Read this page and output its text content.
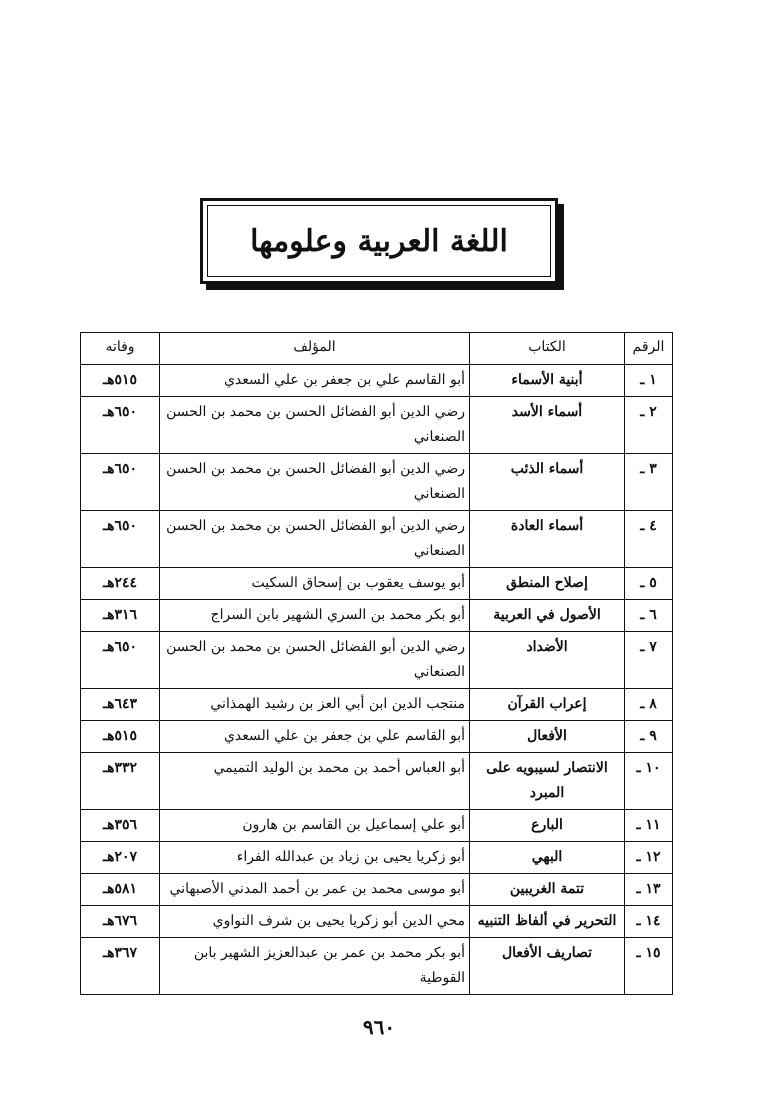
اللغة العربية وعلومها
الرقم	الكتاب	المؤلف	وفاته
١ ـ	أبنية الأسماء	أبو القاسم علي بن جعفر بن علي السعدي	٥١٥هـ
٢ ـ	أسماء الأسد	رضي الدين أبو الفضائل الحسن بن محمد بن الحسن الصنعاني	٦٥٠هـ
٣ ـ	أسماء الذئب	رضي الدين أبو الفضائل الحسن بن محمد بن الحسن الصنعاني	٦٥٠هـ
٤ ـ	أسماء العادة	رضي الدين أبو الفضائل الحسن بن محمد بن الحسن الصنعاني	٦٥٠هـ
٥ ـ	إصلاح المنطق	أبو يوسف يعقوب بن إسحاق السكيت	٢٤٤هـ
٦ ـ	الأصول في العربية	أبو بكر محمد بن السري الشهير بابن السراج	٣١٦هـ
٧ ـ	الأضداد	رضي الدين أبو الفضائل الحسن بن محمد بن الحسن الصنعاني	٦٥٠هـ
٨ ـ	إعراب القرآن	منتجب الدين ابن أبي العز بن رشيد الهمذاني	٦٤٣هـ
٩ ـ	الأفعال	أبو القاسم علي بن جعفر بن علي السعدي	٥١٥هـ
١٠ ـ	الانتصار لسيبويه على المبرد	أبو العباس أحمد بن محمد بن الوليد التميمي	٣٣٢هـ
١١ ـ	البارع	أبو علي إسماعيل بن القاسم بن هارون	٣٥٦هـ
١٢ ـ	البهي	أبو زكريا يحيى بن زياد بن عبدالله الفراء	٢٠٧هـ
١٣ ـ	تتمة الغريبين	أبو موسى محمد بن عمر بن أحمد المدني الأصبهاني	٥٨١هـ
١٤ ـ	التحرير في ألفاظ التنبيه	محي الدين أبو زكريا يحيى بن شرف النواوي	٦٧٦هـ
١٥ ـ	تصاريف الأفعال	أبو بكر محمد بن عمر بن عبدالعزيز الشهير بابن القوطية	٣٦٧هـ
٩٦٠
